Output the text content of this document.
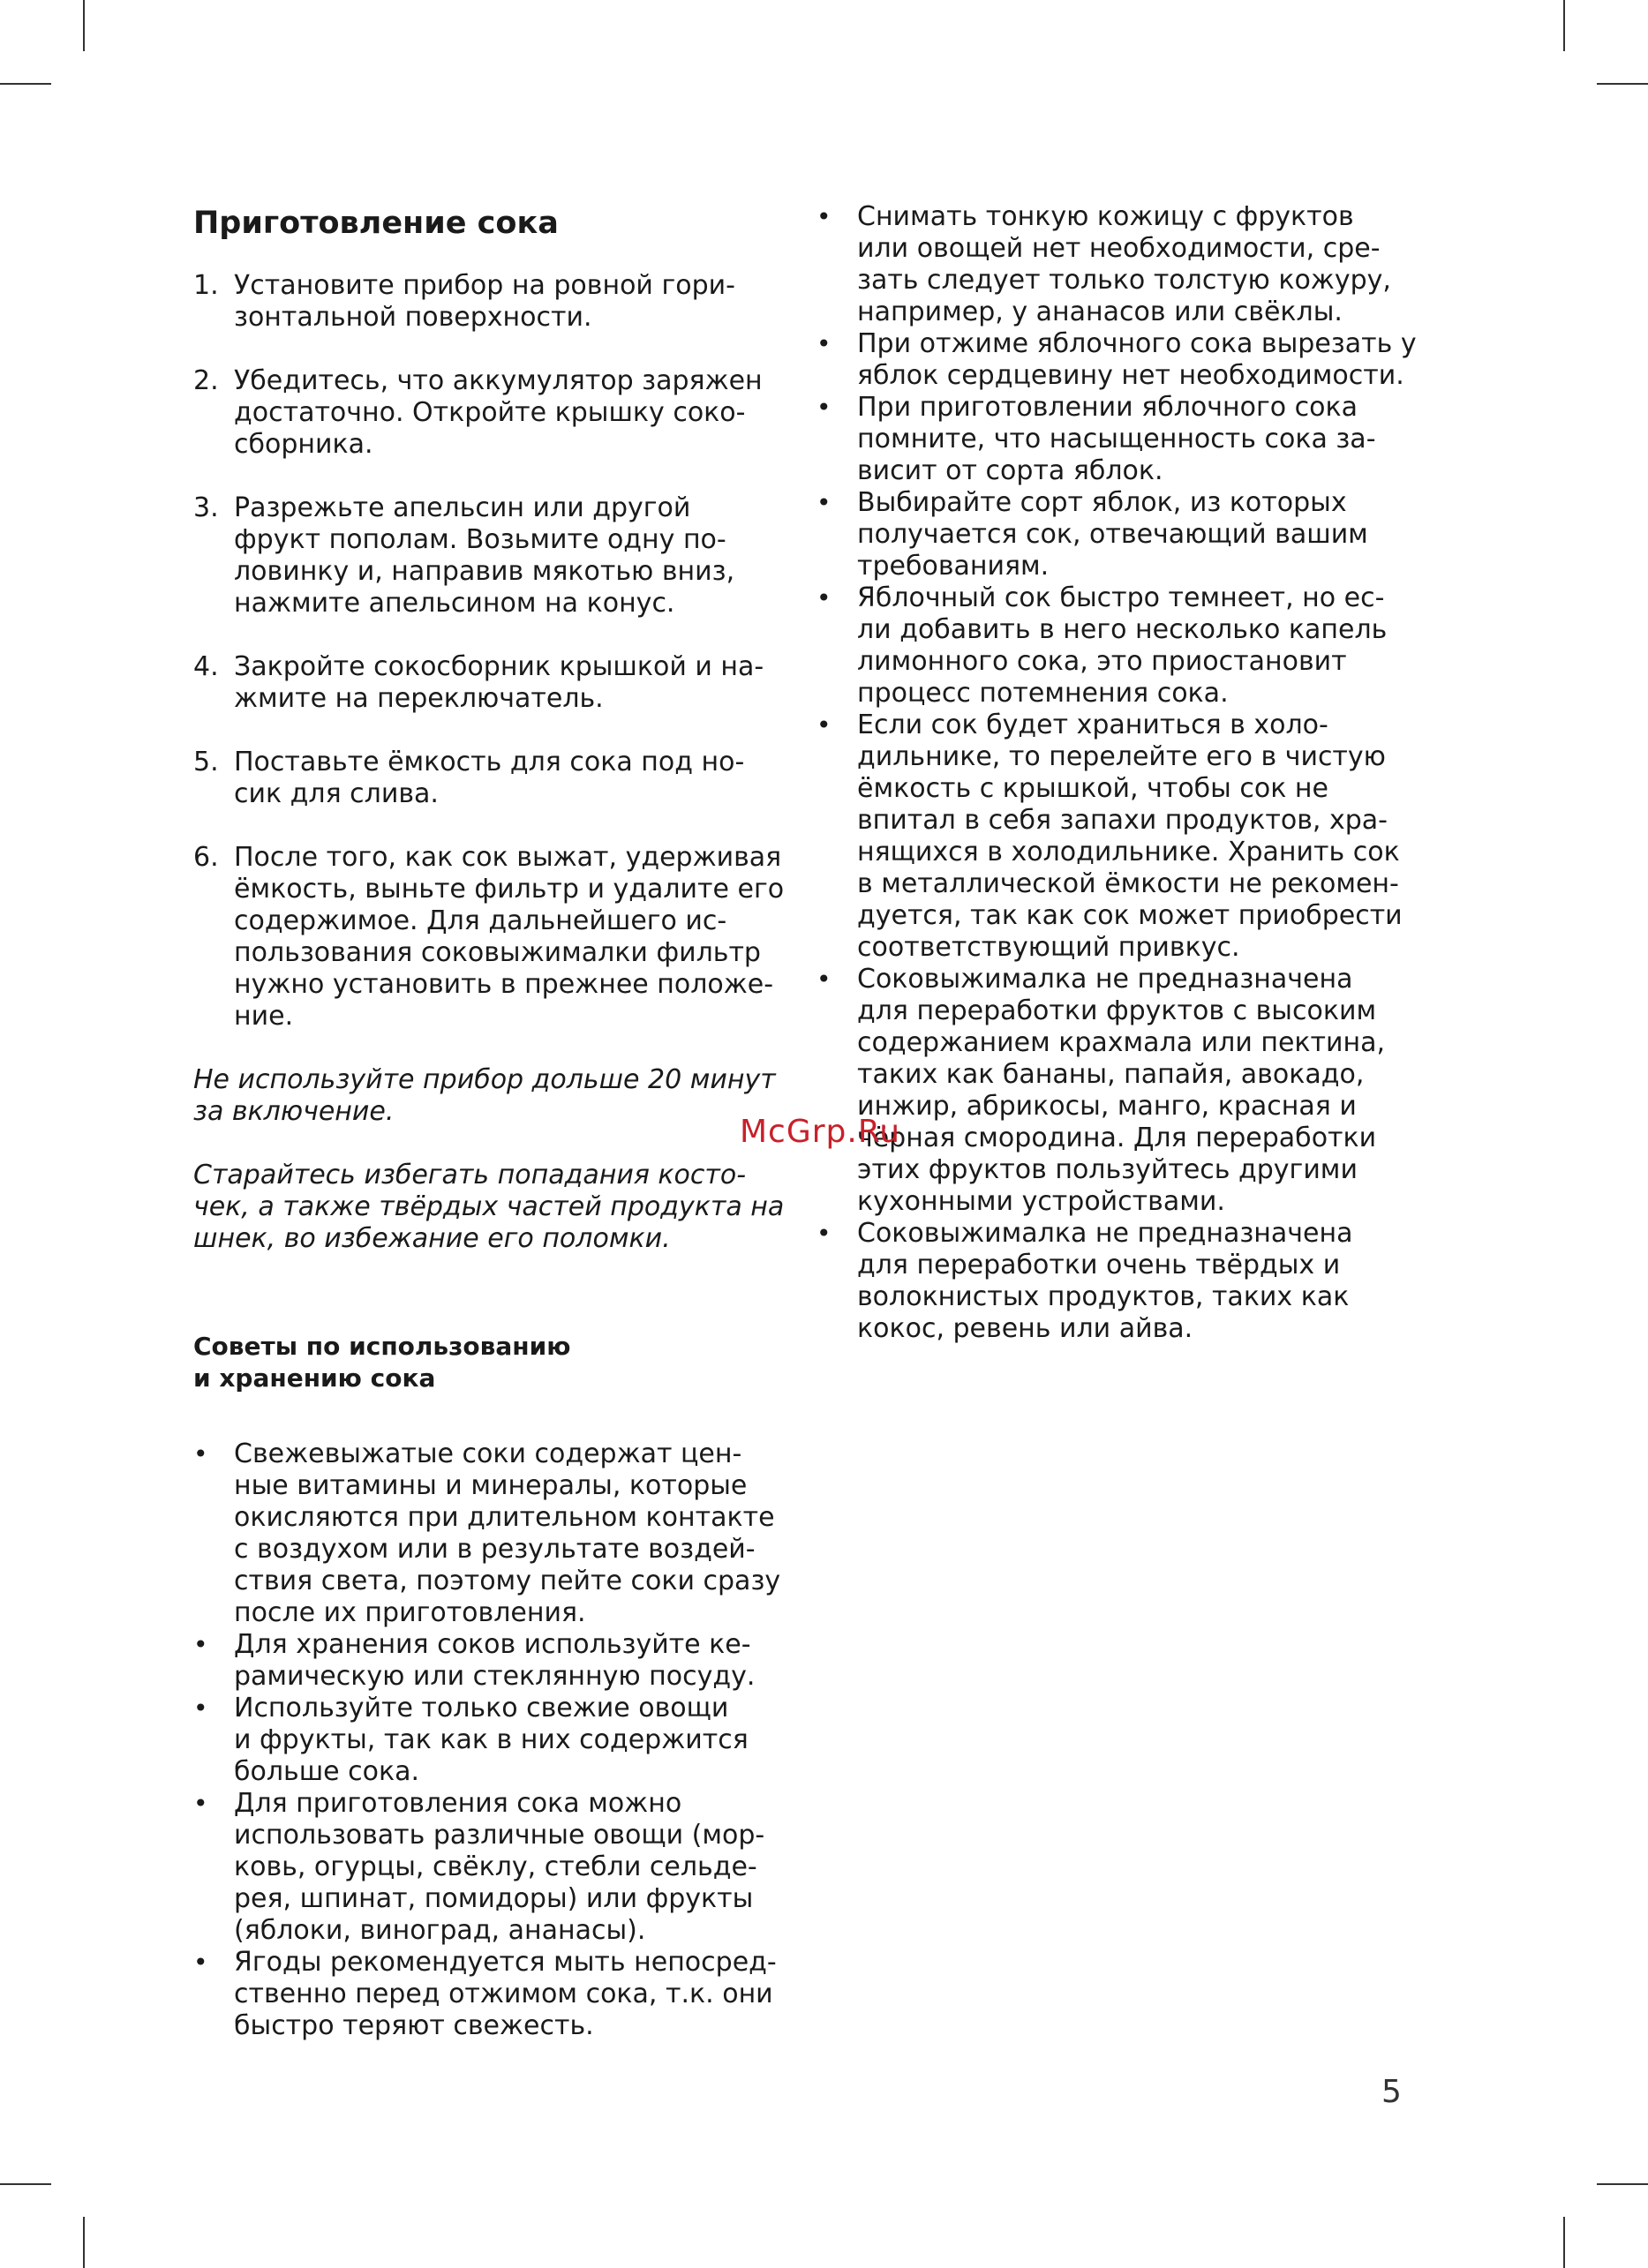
Приготовление сока
1. Установите прибор на ровной гори-
зонтальной поверхности.
2. Убедитесь, что аккумулятор заряжен
достаточно. Откройте крышку соко-
сборника.
3. Разрежьте апельсин или другой
фрукт пополам. Возьмите одну по-
ловинку и, направив мякотью вниз,
нажмите апельсином на конус.
4. Закройте сокосборник крышкой и на-
жмите на переключатель.
5. Поставьте ёмкость для сока под но-
сик для слива.
6. После того, как сок выжат, удерживая
ёмкость, выньте фильтр и удалите его
содержимое. Для дальнейшего ис-
пользования соковыжималки фильтр
нужно установить в прежнее положе-
ние.

Не используйте прибор дольше 20 минут
за включение.

Старайтесь избегать попадания косто-
чек, а также твёрдых частей продукта на
шнек, во избежание его поломки.

Советы по использованию
и хранению сока
• Свежевыжатые соки содержат цен-
ные витамины и минералы, которые
окисляются при длительном контакте
с воздухом или в результате воздей-
ствия света, поэтому пейте соки сразу
после их приготовления.
• Для хранения соков используйте ке-
рамическую или стеклянную посуду.
• Используйте только свежие овощи
и фрукты, так как в них содержится
больше сока.
• Для приготовления сока можно
использовать различные овощи (мор-
ковь, огурцы, свёклу, стебли сельде-
рея, шпинат, помидоры) или фрукты
(яблоки, виноград, ананасы).
• Ягоды рекомендуется мыть непосред-
ственно перед отжимом сока, т.к. они
быстро теряют свежесть.
• Снимать тонкую кожицу с фруктов
или овощей нет необходимости, сре-
зать следует только толстую кожуру,
например, у ананасов или свёклы.
• При отжиме яблочного сока вырезать у
яблок сердцевину нет необходимости.
• При приготовлении яблочного сока
помните, что насыщенность сока за-
висит от сорта яблок.
• Выбирайте сорт яблок, из которых
получается сок, отвечающий вашим
требованиям.
• Яблочный сок быстро темнеет, но ес-
ли добавить в него несколько капель
лимонного сока, это приостановит
процесс потемнения сока.
• Если сок будет храниться в холо-
дильнике, то перелейте его в чистую
ёмкость с крышкой, чтобы сок не
впитал в себя запахи продуктов, хра-
нящихся в холодильнике. Хранить сок
в металлической ёмкости не рекомен-
дуется, так как сок может приобрести
соответствующий привкус.
• Соковыжималка не предназначена
для переработки фруктов с высоким
содержанием крахмала или пектина,
таких как бананы, папайя, авокадо,
инжир, абрикосы, манго, красная и
чёрная смородина. Для переработки
этих фруктов пользуйтесь другими
кухонными устройствами.
• Соковыжималка не предназначена
для переработки очень твёрдых и
волокнистых продуктов, таких как
кокос, ревень или айва.
McGrp.Ru
5
